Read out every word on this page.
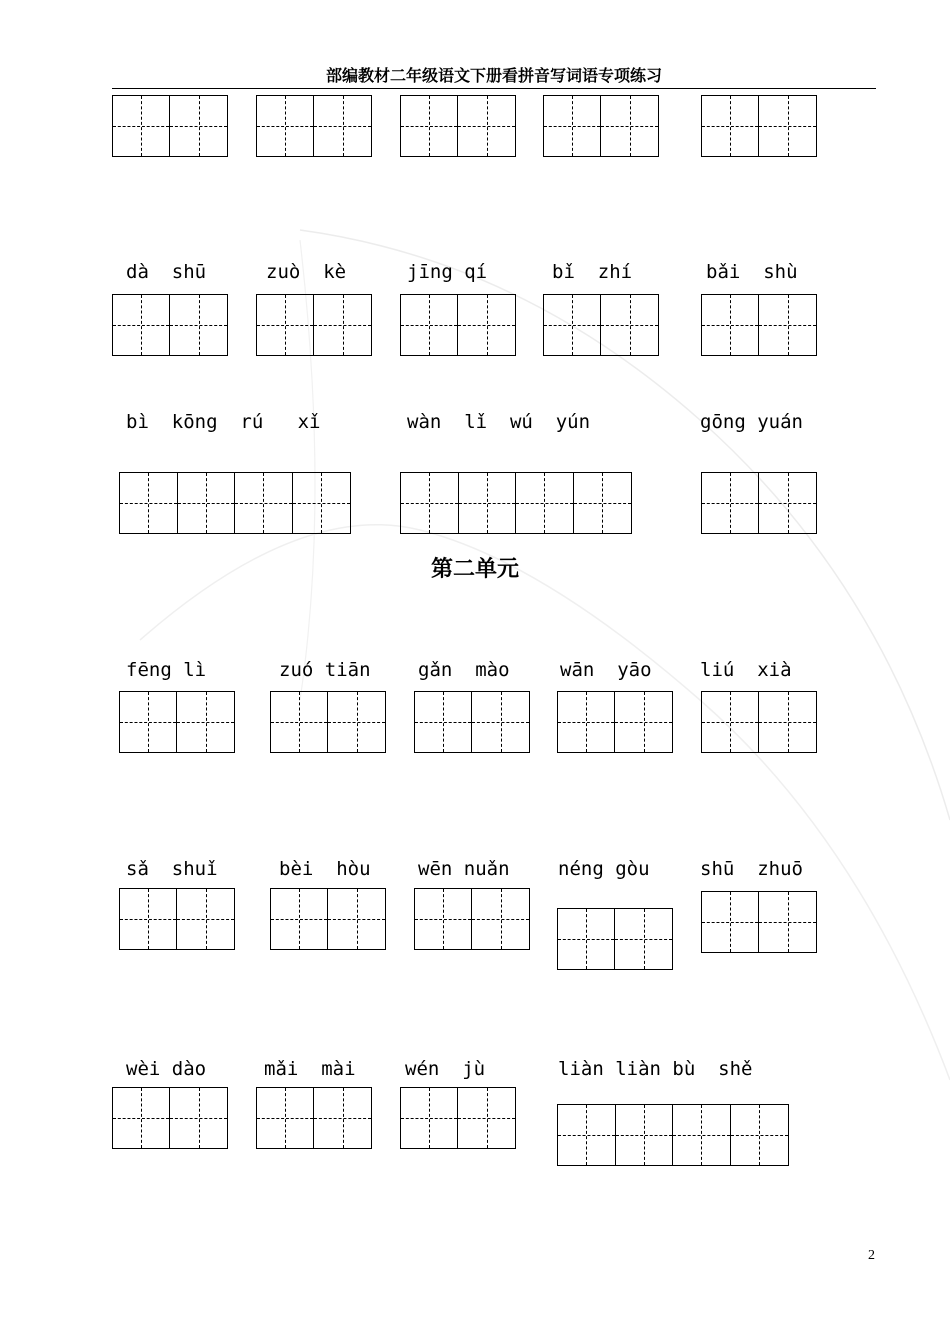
部编教材二年级语文下册看拼音写词语专项练习
dà  shū	zuò  kè	jīng qí	bǐ  zhí	bǎi  shù
bì  kōng  rú   xǐ	wàn  lǐ  wú  yún	gōng yuán
第二单元
fēng lì	zuó tiān gǎn  mào	wān  yāo	liú  xià
sǎ  shuǐ	bèi  hòu wēn nuǎn	néng gòu	shū  zhuō
wèi dào	mǎi  mài	wén  jù	liàn liàn bù  shě
2
